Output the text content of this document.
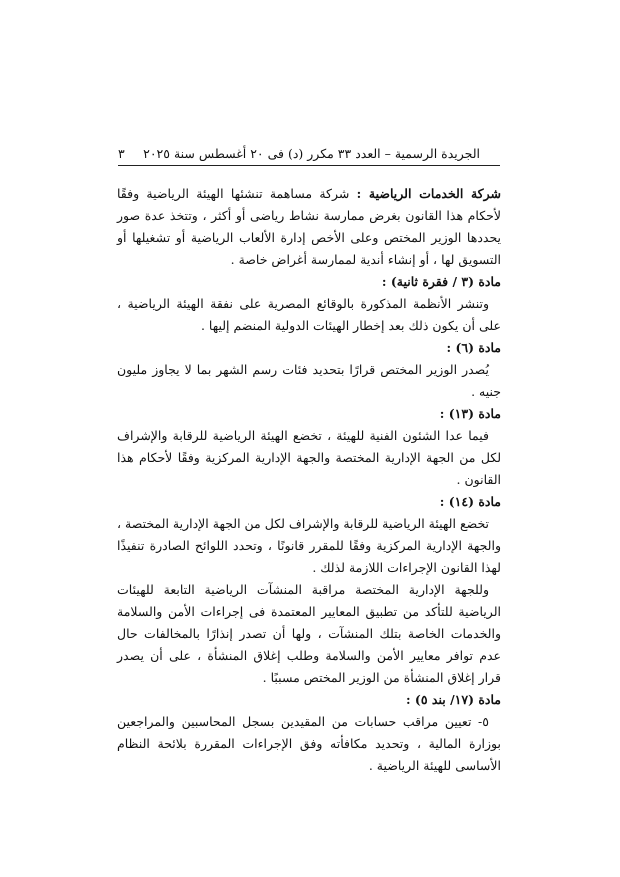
الجريدة الرسمية – العدد ٣٣ مكرر (د) فى ٢٠ أغسطس سنة ٢٠٢٥
٣

شركة الخدمات الرياضية : شركة مساهمة تنشئها الهيئة الرياضية وفقًا لأحكام هذا القانون بغرض ممارسة نشاط رياضى أو أكثر ، وتتخذ عدة صور يحددها الوزير المختص وعلى الأخص إدارة الألعاب الرياضية أو تشغيلها أو التسويق لها ، أو إنشاء أندية لممارسة أغراض خاصة .

مادة (٣ / فقرة ثانية) :

وتنشر الأنظمة المذكورة بالوقائع المصرية على نفقة الهيئة الرياضية ، على أن يكون ذلك بعد إخطار الهيئات الدولية المنضم إليها .

مادة (٦) :

يُصدر الوزير المختص قرارًا بتحديد فئات رسم الشهر بما لا يجاوز مليون جنيه .

مادة (١٣) :

فيما عدا الشئون الفنية للهيئة ، تخضع الهيئة الرياضية للرقابة والإشراف لكل من الجهة الإدارية المختصة والجهة الإدارية المركزية وفقًا لأحكام هذا القانون .

مادة (١٤) :

تخضع الهيئة الرياضية للرقابة والإشراف لكل من الجهة الإدارية المختصة ، والجهة الإدارية المركزية وفقًا للمقرر قانونًا ، وتحدد اللوائح الصادرة تنفيذًا لهذا القانون الإجراءات اللازمة لذلك .

وللجهة الإدارية المختصة مراقبة المنشآت الرياضية التابعة للهيئات الرياضية للتأكد من تطبيق المعايير المعتمدة فى إجراءات الأمن والسلامة والخدمات الخاصة بتلك المنشآت ، ولها أن تصدر إنذارًا بالمخالفات حال عدم توافر معايير الأمن والسلامة وطلب إغلاق المنشأة ، على أن يصدر قرار إغلاق المنشأة من الوزير المختص مسببًا .

مادة (١٧/ بند ٥) :

٥- تعيين مراقب حسابات من المقيدين بسجل المحاسبين والمراجعين بوزارة المالية ، وتحديد مكافأته وفق الإجراءات المقررة بلائحة النظام الأساسى للهيئة الرياضية .
